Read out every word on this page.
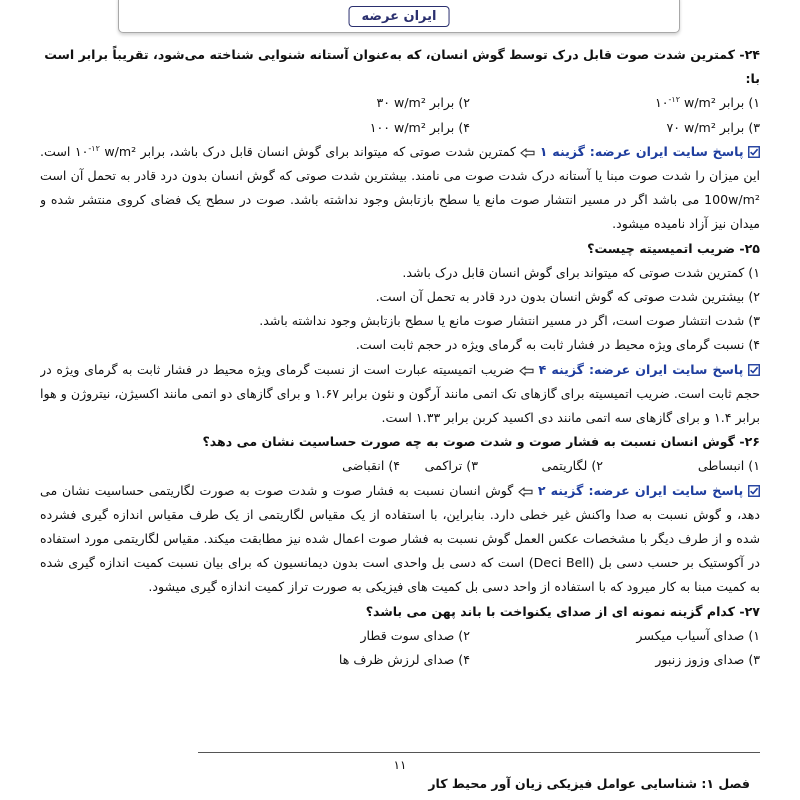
ایران عرضه

۲۴- کمترین شدت صوت قابل درک توسط گوش انسان، که به‌عنوان آستانه شنوایی شناخته می‌شود، تقریباً برابر است با:

۱) برابر w/m² $۱۰^{-۱۲}$
۲) برابر w/m² ۳۰
۳) برابر w/m² ۷۰
۴) برابر w/m² ۱۰۰

پاسخ سایت ایران عرضه: گزینه ۱  کمترین شدت صوتی که میتواند برای گوش انسان قابل درک باشد، برابر w/m² $۱۰^{-۱۲}$ است. این میزان را شدت صوت مبنا یا آستانه درک شدت صوت می نامند. بیشترین شدت صوتی که گوش انسان بدون درد قادر به تحمل آن است 100w/m² می باشد اگر در مسیر انتشار صوت مانع یا سطح بازتابش وجود نداشته باشد. صوت در سطح یک فضای کروی منتشر شده و میدان نیز آزاد نامیده میشود.

۲۵- ضریب اتمیسیته چیست؟

۱) کمترین شدت صوتی که میتواند برای گوش انسان قابل درک باشد.

۲) بیشترین شدت صوتی که گوش انسان بدون درد قادر به تحمل آن است.

۳) شدت انتشار صوت است، اگر در مسیر انتشار صوت مانع یا سطح بازتابش وجود نداشته باشد.

۴) نسبت گرمای ویژه محیط در فشار ثابت به گرمای ویژه در حجم ثابت است.

پاسخ سایت ایران عرضه: گزینه ۴  ضریب اتمیسیته عبارت است از نسبت گرمای ویژه محیط در فشار ثابت به گرمای ویژه در حجم ثابت است. ضریب اتمیسیته برای گازهای تک اتمی مانند آرگون و نئون برابر ۱.۶۷ و برای گازهای دو اتمی مانند اکسیژن، نیتروژن و هوا برابر ۱.۴ و برای گازهای سه اتمی مانند دی اکسید کربن برابر ۱.۳۳ است.

۲۶- گوش انسان نسبت به فشار صوت و شدت صوت به چه صورت حساسیت نشان می دهد؟

۱) انبساطی
۲) لگاریتمی
۳) تراکمی
۴) انقباضی

پاسخ سایت ایران عرضه: گزینه ۲  گوش انسان نسبت به فشار صوت و شدت صوت به صورت لگاریتمی حساسیت نشان می دهد، و گوش نسبت به صدا واکنش غیر خطی دارد. بنابراین، با استفاده از یک مقیاس لگاریتمی از یک طرف مقیاس اندازه گیری فشرده شده و از طرف دیگر با مشخصات عکس العمل گوش نسبت به فشار صوت اعمال شده نیز مطابقت میکند. مقیاس لگاریتمی مورد استفاده در آکوستیک بر حسب دسی بل (Deci Bell) است که دسی بل واحدی است بدون دیمانسیون که برای بیان نسبت کمیت اندازه گیری شده به کمیت مبنا به کار میرود که با استفاده از واحد دسی بل کمیت های فیزیکی به صورت تراز کمیت اندازه گیری میشود.

۲۷- کدام گزینه نمونه ای از صدای یکنواخت با باند پهن می باشد؟

۱) صدای آسیاب میکسر
۲) صدای سوت قطار
۳) صدای وزوز زنبور
۴) صدای لرزش ظرف ها
۱۱
فصل ۱: شناسایی عوامل فیزیکی زیان آور محیط کار
